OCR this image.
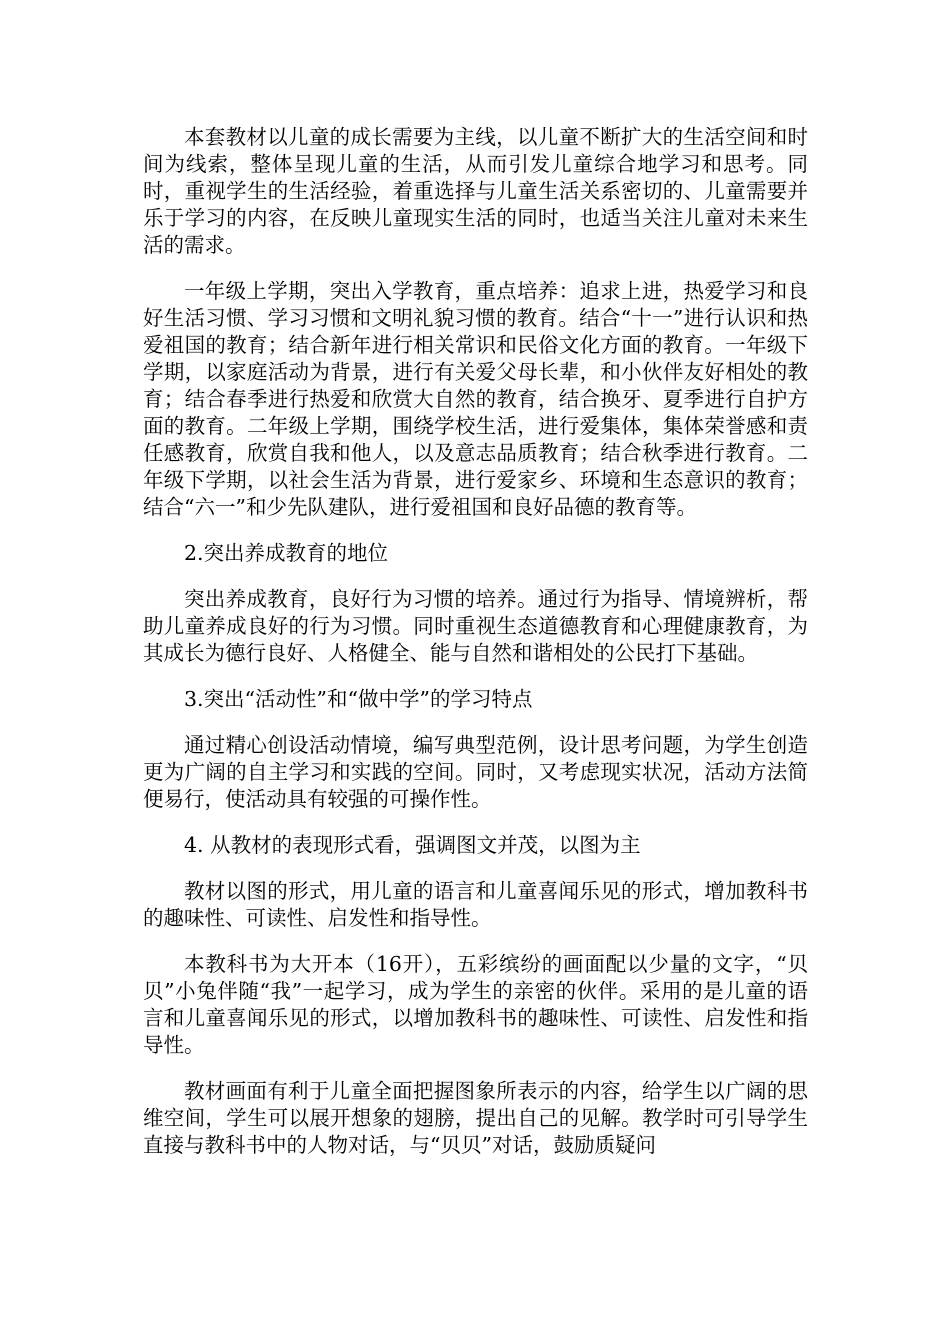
本套教材以儿童的成长需要为主线，以儿童不断扩大的生活空间和时间为线索，整体呈现儿童的生活，从而引发儿童综合地学习和思考。同时，重视学生的生活经验，着重选择与儿童生活关系密切的、儿童需要并乐于学习的内容，在反映儿童现实生活的同时，也适当关注儿童对未来生活的需求。

一年级上学期，突出入学教育，重点培养：追求上进，热爱学习和良好生活习惯、学习习惯和文明礼貌习惯的教育。结合“十一”进行认识和热爱祖国的教育；结合新年进行相关常识和民俗文化方面的教育。一年级下学期，以家庭活动为背景，进行有关爱父母长辈，和小伙伴友好相处的教育；结合春季进行热爱和欣赏大自然的教育，结合换牙、夏季进行自护方面的教育。二年级上学期，围绕学校生活，进行爱集体，集体荣誉感和责任感教育，欣赏自我和他人，以及意志品质教育；结合秋季进行教育。二年级下学期，以社会生活为背景，进行爱家乡、环境和生态意识的教育；结合“六一”和少先队建队，进行爱祖国和良好品德的教育等。

2.突出养成教育的地位

突出养成教育，良好行为习惯的培养。通过行为指导、情境辨析，帮助儿童养成良好的行为习惯。同时重视生态道德教育和心理健康教育，为其成长为德行良好、人格健全、能与自然和谐相处的公民打下基础。

3.突出“活动性”和“做中学”的学习特点

通过精心创设活动情境，编写典型范例，设计思考问题，为学生创造更为广阔的自主学习和实践的空间。同时，又考虑现实状况，活动方法简便易行，使活动具有较强的可操作性。

4. 从教材的表现形式看，强调图文并茂，以图为主

教材以图的形式，用儿童的语言和儿童喜闻乐见的形式，增加教科书的趣味性、可读性、启发性和指导性。

本教科书为大开本（16开），五彩缤纷的画面配以少量的文字，“贝贝”小兔伴随“我”一起学习，成为学生的亲密的伙伴。采用的是儿童的语言和儿童喜闻乐见的形式，以增加教科书的趣味性、可读性、启发性和指导性。

教材画面有利于儿童全面把握图象所表示的内容，给学生以广阔的思维空间，学生可以展开想象的翅膀，提出自己的见解。教学时可引导学生直接与教科书中的人物对话，与“贝贝”对话，鼓励质疑问
